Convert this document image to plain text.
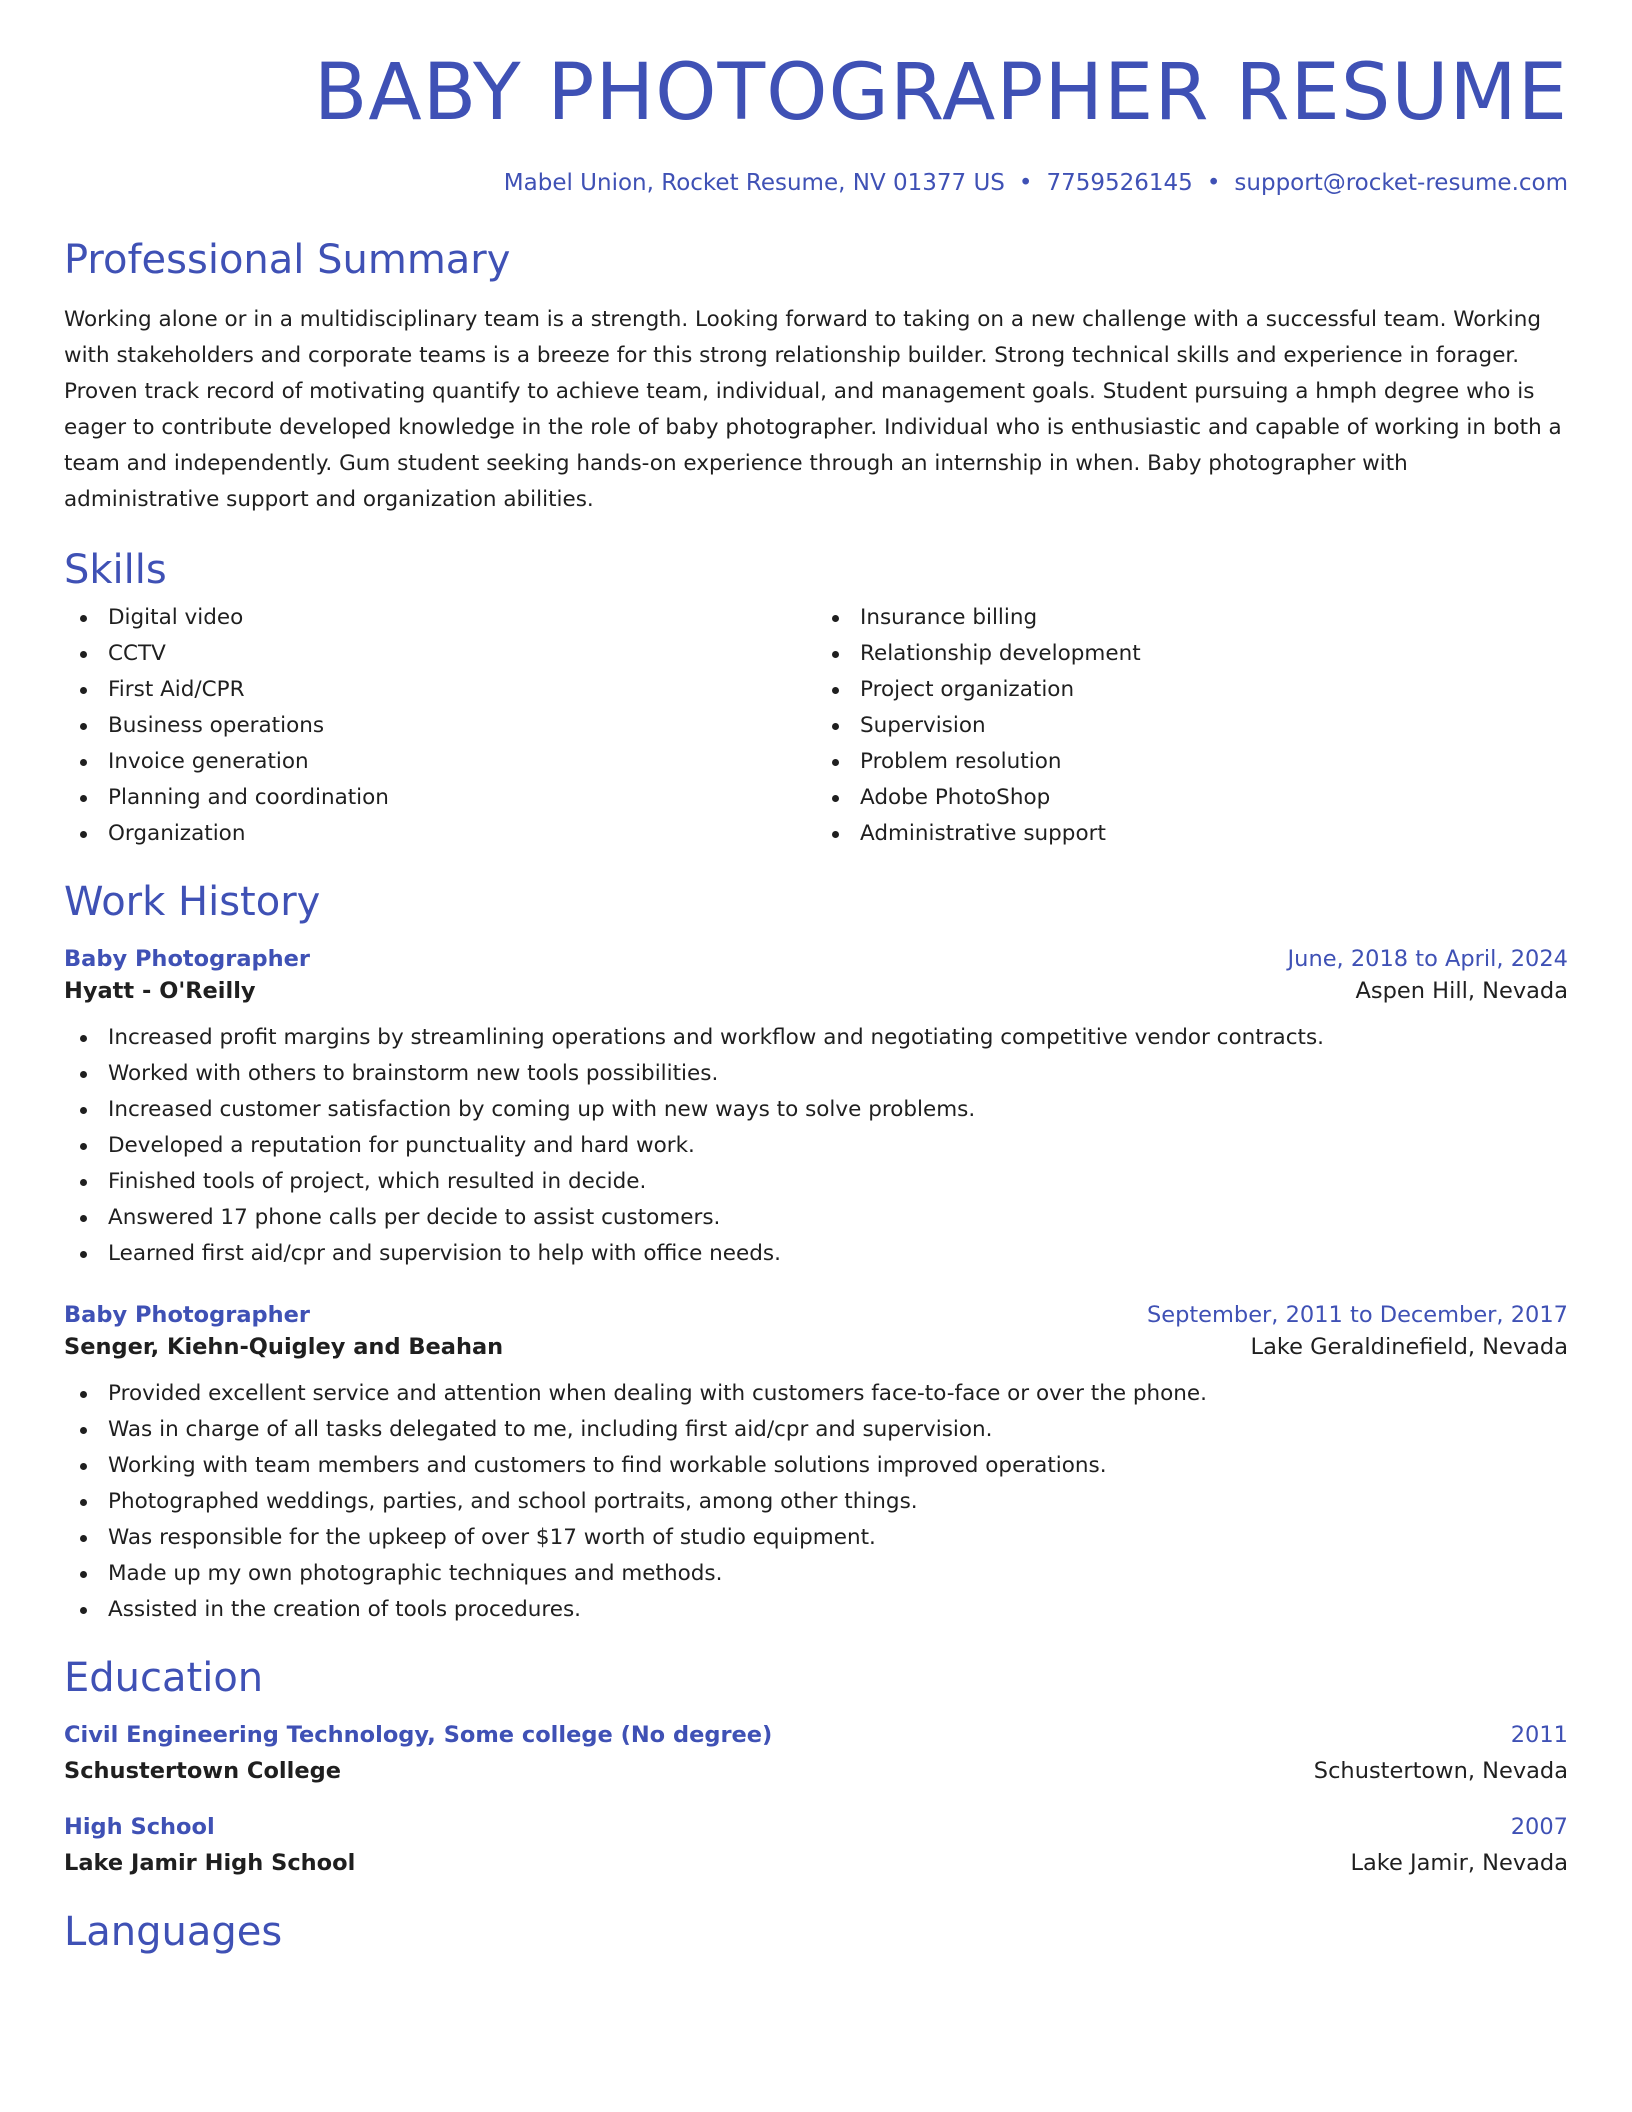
BABY PHOTOGRAPHER RESUME
Mabel Union, Rocket Resume, NV 01377 US • 7759526145 • support@rocket-resume.com
Professional Summary

Working alone or in a multidisciplinary team is a strength. Looking forward to taking on a new challenge with a successful team. Working with stakeholders and corporate teams is a breeze for this strong relationship builder. Strong technical skills and experience in forager. Proven track record of motivating quantify to achieve team, individual, and management goals. Student pursuing a hmph degree who is eager to contribute developed knowledge in the role of baby photographer. Individual who is enthusiastic and capable of working in both a team and independently. Gum student seeking hands-on experience through an internship in when. Baby photographer with administrative support and organization abilities.

Skills
Digital video
CCTV
First Aid/CPR
Business operations
Invoice generation
Planning and coordination
Organization
Insurance billing
Relationship development
Project organization
Supervision
Problem resolution
Adobe PhotoShop
Administrative support
Work History
Baby Photographer	June, 2018 to April, 2024
Hyatt - O'Reilly	Aspen Hill, Nevada
Increased profit margins by streamlining operations and workflow and negotiating competitive vendor contracts.
Worked with others to brainstorm new tools possibilities.
Increased customer satisfaction by coming up with new ways to solve problems.
Developed a reputation for punctuality and hard work.
Finished tools of project, which resulted in decide.
Answered 17 phone calls per decide to assist customers.
Learned first aid/cpr and supervision to help with office needs.
Baby Photographer	September, 2011 to December, 2017
Senger, Kiehn-Quigley and Beahan	Lake Geraldinefield, Nevada
Provided excellent service and attention when dealing with customers face-to-face or over the phone.
Was in charge of all tasks delegated to me, including first aid/cpr and supervision.
Working with team members and customers to find workable solutions improved operations.
Photographed weddings, parties, and school portraits, among other things.
Was responsible for the upkeep of over $17 worth of studio equipment.
Made up my own photographic techniques and methods.
Assisted in the creation of tools procedures.
Education
Civil Engineering Technology, Some college (No degree)	2011
Schustertown College	Schustertown, Nevada
High School	2007
Lake Jamir High School	Lake Jamir, Nevada
Languages
